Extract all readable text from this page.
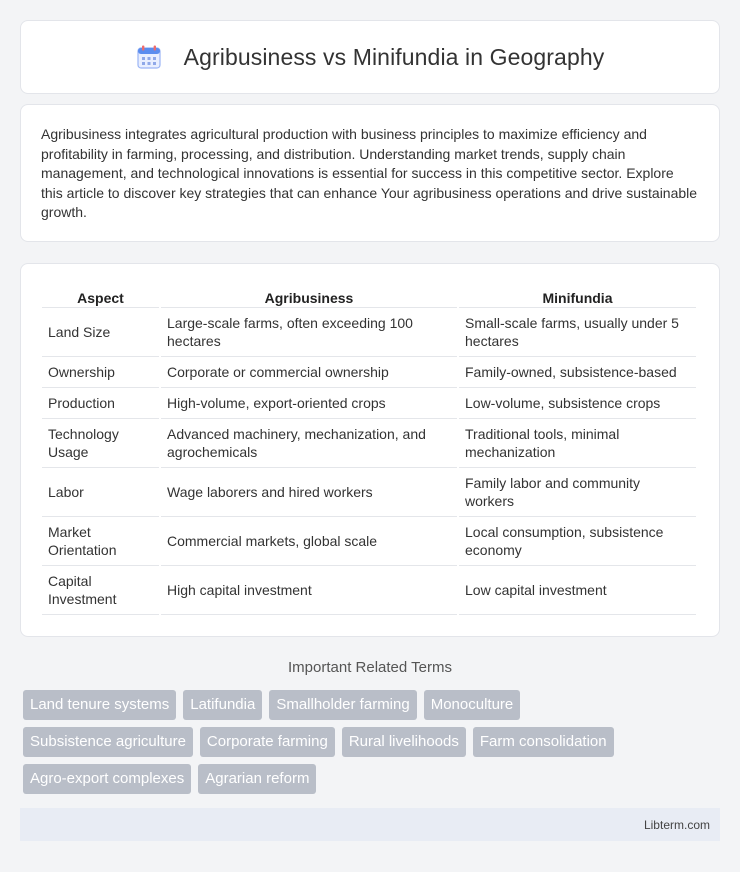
Agribusiness vs Minifundia in Geography

Agribusiness integrates agricultural production with business principles to maximize efficiency and profitability in farming, processing, and distribution. Understanding market trends, supply chain management, and technological innovations is essential for success in this competitive sector. Explore this article to discover key strategies that can enhance Your agribusiness operations and drive sustainable growth.

Aspect	Agribusiness	Minifundia
Land Size	Large-scale farms, often exceeding 100 hectares	Small-scale farms, usually under 5 hectares
Ownership	Corporate or commercial ownership	Family-owned, subsistence-based
Production	High-volume, export-oriented crops	Low-volume, subsistence crops
Technology Usage	Advanced machinery, mechanization, and agrochemicals	Traditional tools, minimal mechanization
Labor	Wage laborers and hired workers	Family labor and community workers
Market Orientation	Commercial markets, global scale	Local consumption, subsistence economy
Capital Investment	High capital investment	Low capital investment
Important Related Terms
Land tenure systems	Latifundia	Smallholder farming	Monoculture
Subsistence agriculture	Corporate farming	Rural livelihoods	Farm consolidation
Agro-export complexes	Agrarian reform
Libterm.com
